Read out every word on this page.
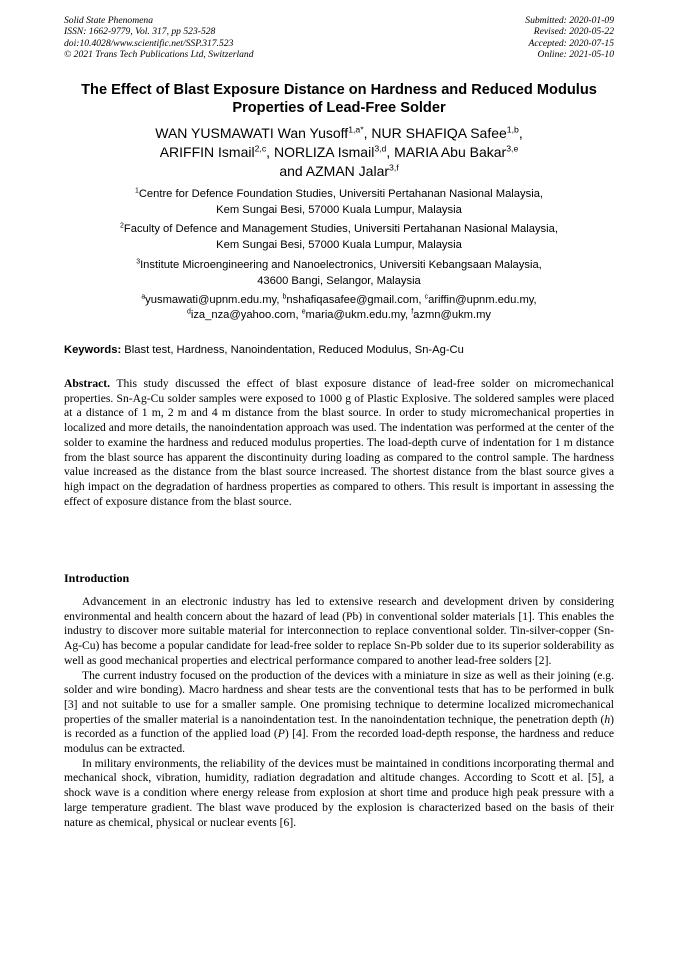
Solid State Phenomena
ISSN: 1662-9779, Vol. 317, pp 523-528
doi:10.4028/www.scientific.net/SSP.317.523
© 2021 Trans Tech Publications Ltd, Switzerland
Submitted: 2020-01-09
Revised: 2020-05-22
Accepted: 2020-07-15
Online: 2021-05-10
The Effect of Blast Exposure Distance on Hardness and Reduced Modulus Properties of Lead-Free Solder
WAN YUSMAWATI Wan Yusoff$^{1,a*}$, NUR SHAFIQA Safee$^{1,b}$,
ARIFFIN Ismail$^{2,c}$, NORLIZA Ismail$^{3,d}$, MARIA Abu Bakar$^{3,e}$
and AZMAN Jalar$^{3,f}$
$^1$Centre for Defence Foundation Studies, Universiti Pertahanan Nasional Malaysia,
Kem Sungai Besi, 57000 Kuala Lumpur, Malaysia
$^2$Faculty of Defence and Management Studies, Universiti Pertahanan Nasional Malaysia,
Kem Sungai Besi, 57000 Kuala Lumpur, Malaysia
$^3$Institute Microengineering and Nanoelectronics, Universiti Kebangsaan Malaysia,
43600 Bangi, Selangor, Malaysia
$^a$yusmawati@upnm.edu.my, $^b$nshafiqasafee@gmail.com, $^c$ariffin@upnm.edu.my,
$^d$iza_nza@yahoo.com, $^e$maria@ukm.edu.my, $^f$azmn@ukm.my
Keywords: Blast test, Hardness, Nanoindentation, Reduced Modulus, Sn-Ag-Cu

Abstract. This study discussed the effect of blast exposure distance of lead-free solder on micromechanical properties. Sn-Ag-Cu solder samples were exposed to 1000 g of Plastic Explosive. The soldered samples were placed at a distance of 1 m, 2 m and 4 m distance from the blast source. In order to study micromechanical properties in localized and more details, the nanoindentation approach was used. The indentation was performed at the center of the solder to examine the hardness and reduced modulus properties. The load-depth curve of indentation for 1 m distance from the blast source has apparent the discontinuity during loading as compared to the control sample. The hardness value increased as the distance from the blast source increased. The shortest distance from the blast source gives a high impact on the degradation of hardness properties as compared to others. This result is important in assessing the effect of exposure distance from the blast source.

Introduction

Advancement in an electronic industry has led to extensive research and development driven by considering environmental and health concern about the hazard of lead (Pb) in conventional solder materials [1]. This enables the industry to discover more suitable material for interconnection to replace conventional solder. Tin-silver-copper (Sn-Ag-Cu) has become a popular candidate for lead-free solder to replace Sn-Pb solder due to its superior solderability as well as good mechanical properties and electrical performance compared to another lead-free solders [2].

The current industry focused on the production of the devices with a miniature in size as well as their joining (e.g. solder and wire bonding). Macro hardness and shear tests are the conventional tests that has to be performed in bulk [3] and not suitable to use for a smaller sample. One promising technique to determine localized micromechanical properties of the smaller material is a nanoindentation test. In the nanoindentation technique, the penetration depth (h) is recorded as a function of the applied load (P) [4]. From the recorded load-depth response, the hardness and reduce modulus can be extracted.

In military environments, the reliability of the devices must be maintained in conditions incorporating thermal and mechanical shock, vibration, humidity, radiation degradation and altitude changes. According to Scott et al. [5], a shock wave is a condition where energy release from explosion at short time and produce high peak pressure with a large temperature gradient. The blast wave produced by the explosion is characterized based on the basis of their nature as chemical, physical or nuclear events [6].
